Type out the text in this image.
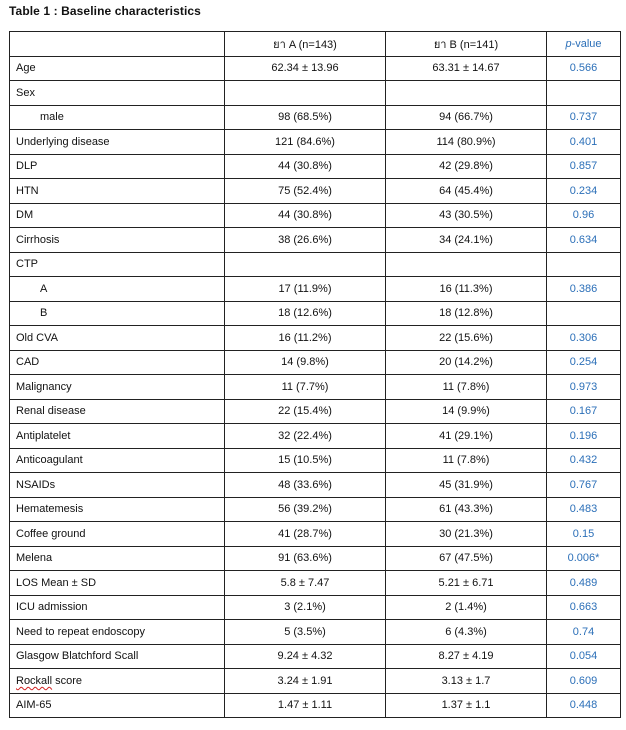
Table 1 : Baseline characteristics
	ยา A (n=143)	ยา B (n=141)	p-value
Age	62.34 ± 13.96	63.31 ± 14.67	0.566
Sex			
male	98 (68.5%)	94 (66.7%)	0.737
Underlying disease	121 (84.6%)	114 (80.9%)	0.401
DLP	44 (30.8%)	42 (29.8%)	0.857
HTN	75 (52.4%)	64 (45.4%)	0.234
DM	44 (30.8%)	43 (30.5%)	0.96
Cirrhosis	38 (26.6%)	34 (24.1%)	0.634
CTP			
A	17 (11.9%)	16 (11.3%)	0.386
B	18 (12.6%)	18 (12.8%)	
Old CVA	16 (11.2%)	22 (15.6%)	0.306
CAD	14 (9.8%)	20 (14.2%)	0.254
Malignancy	11 (7.7%)	11 (7.8%)	0.973
Renal disease	22 (15.4%)	14 (9.9%)	0.167
Antiplatelet	32 (22.4%)	41 (29.1%)	0.196
Anticoagulant	15 (10.5%)	11 (7.8%)	0.432
NSAIDs	48 (33.6%)	45 (31.9%)	0.767
Hematemesis	56 (39.2%)	61 (43.3%)	0.483
Coffee ground	41 (28.7%)	30 (21.3%)	0.15
Melena	91 (63.6%)	67 (47.5%)	0.006*
LOS Mean ± SD	5.8 ± 7.47	5.21 ± 6.71	0.489
ICU admission	3 (2.1%)	2 (1.4%)	0.663
Need to repeat endoscopy	5 (3.5%)	6 (4.3%)	0.74
Glasgow Blatchford Scall	9.24 ± 4.32	8.27 ± 4.19	0.054
Rockall score	3.24 ± 1.91	3.13 ± 1.7	0.609
AIM-65	1.47 ± 1.11	1.37 ± 1.1	0.448
